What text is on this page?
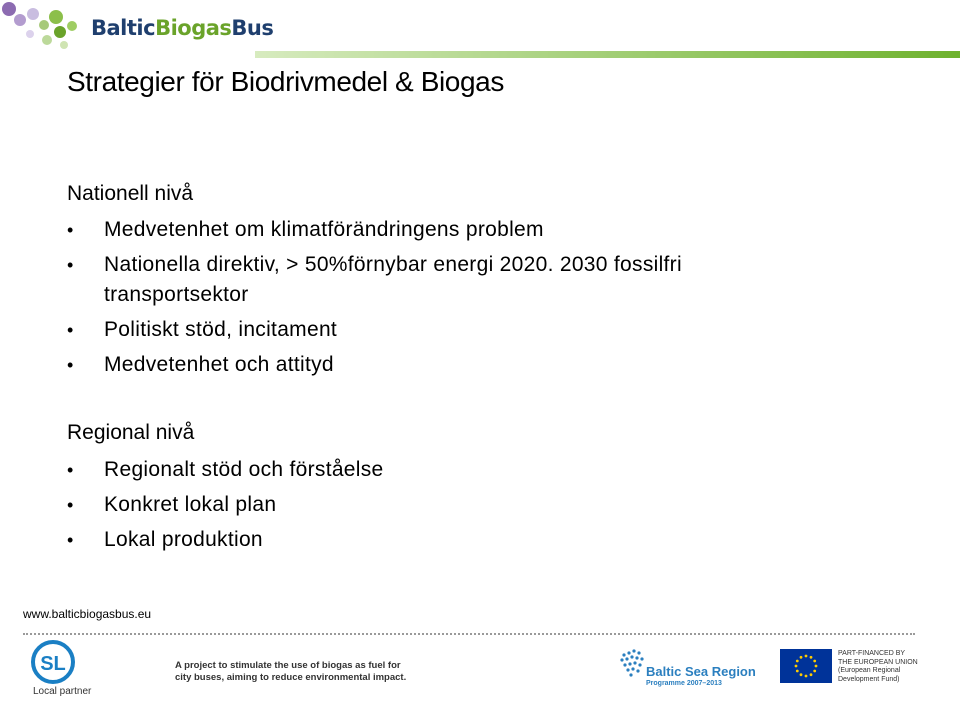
BalticBiogasBus
Strategier för Biodrivmedel & Biogas
Nationell nivå
• Medvetenhet om klimatförändringens problem
• Nationella direktiv, > 50%förnybar energi 2020. 2030 fossilfri transportsektor
• Politiskt stöd, incitament
• Medvetenhet och attityd
Regional nivå
• Regionalt stöd och förståelse
• Konkret lokal plan
• Lokal produktion
www.balticbiogasbus.eu
SL
Local partner
A project to stimulate the use of biogas as fuel for
city buses, aiming to reduce environmental impact.	Baltic Sea Region
Programme 2007–2013
PART-FINANCED BY
THE EUROPEAN UNION
(European Regional
Development Fund)
